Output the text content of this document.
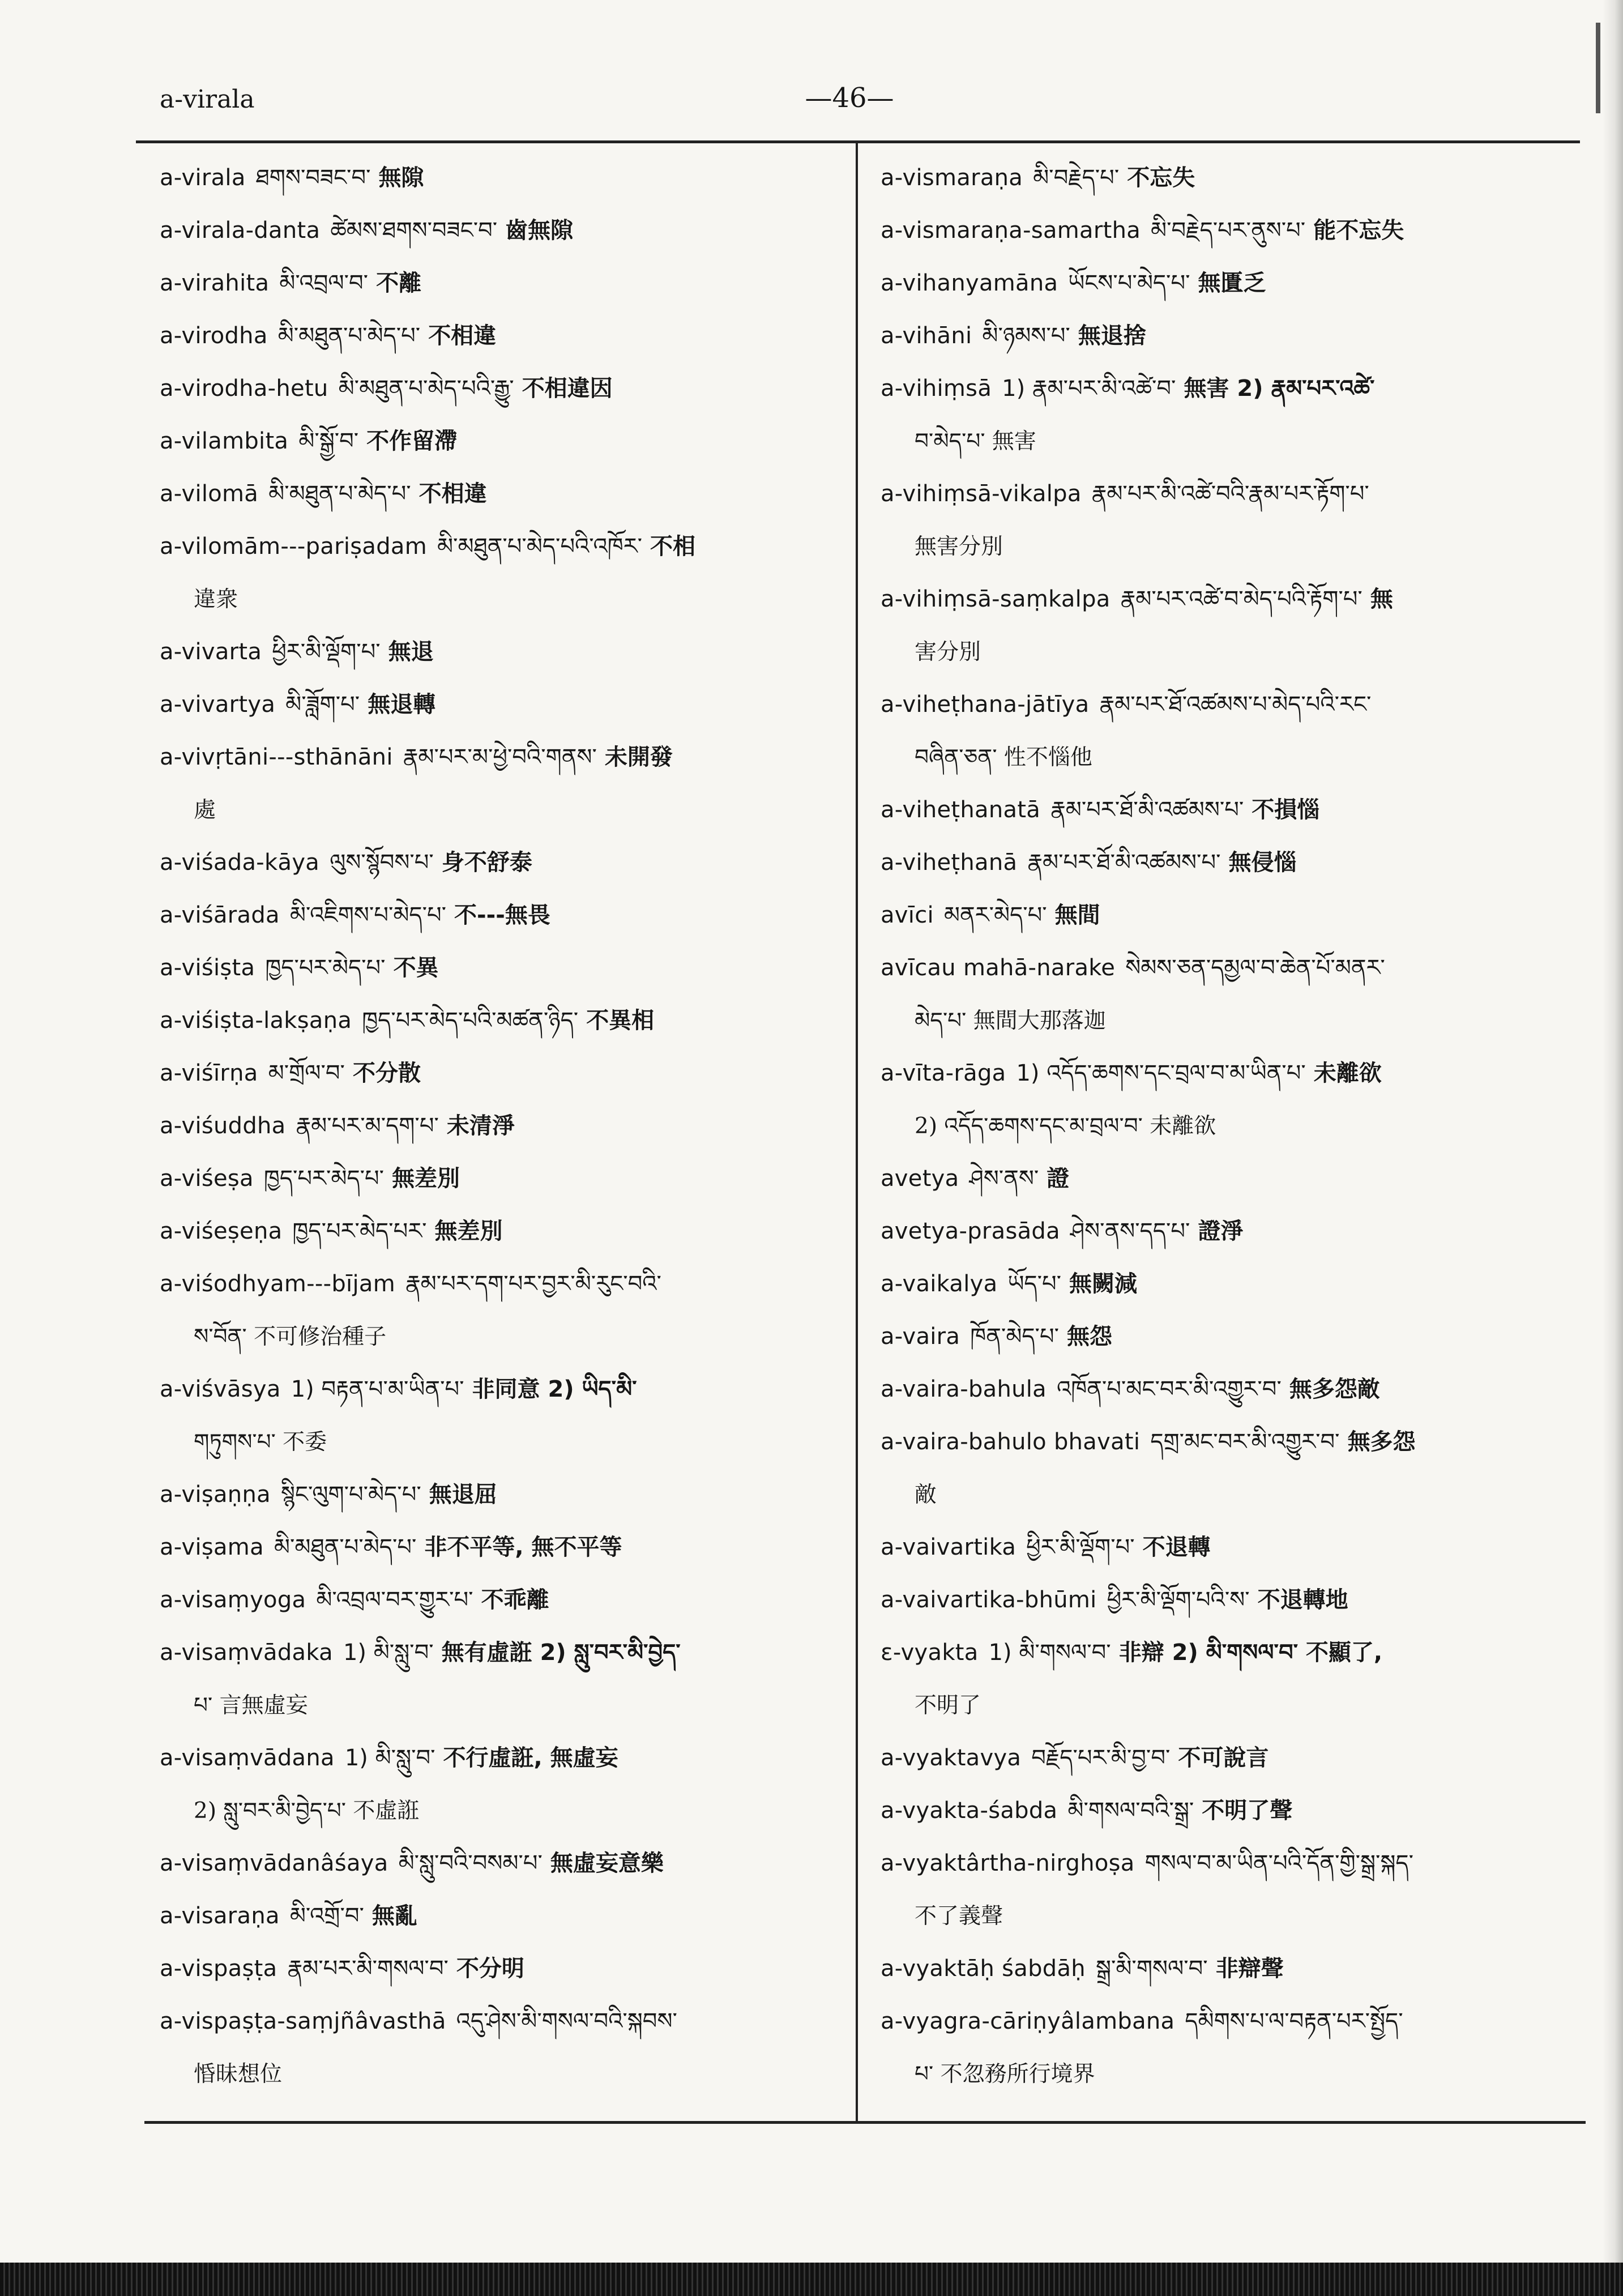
a-virala	—46—
a-virala ཐགས་བཟང་བ་ 無隙
a-virala-danta ཚེམས་ཐགས་བཟང་བ་ 齒無隙
a-virahita མི་འབྲལ་བ་ 不離
a-virodha མི་མཐུན་པ་མེད་པ་ 不相違
a-virodha-hetu མི་མཐུན་པ་མེད་པའི་རྒྱུ་ 不相違因
a-vilambita མི་སྒྱོ་བ་ 不作留滯
a-vilomā མི་མཐུན་པ་མེད་པ་ 不相違
a-vilomām---pariṣadam མི་མཐུན་པ་མེད་པའི་འཁོར་ 不相
違衆
a-vivarta ཕྱིར་མི་ལྡོག་པ་ 無退
a-vivartya མི་ཟློག་པ་ 無退轉
a-vivṛtāni---sthānāni རྣམ་པར་མ་ཕྱེ་བའི་གནས་ 未開發
處
a-viśada-kāya ལུས་སྙོབས་པ་ 身不舒泰
a-viśārada མི་འཇིགས་པ་མེད་པ་ 不---無畏
a-viśiṣta ཁྱད་པར་མེད་པ་ 不異
a-viśiṣta-lakṣaṇa ཁྱད་པར་མེད་པའི་མཚན་ཉིད་ 不異相
a-viśīrṇa མ་གྲོལ་བ་ 不分散
a-viśuddha རྣམ་པར་མ་དག་པ་ 未清淨
a-viśeṣa ཁྱད་པར་མེད་པ་ 無差別
a-viśeṣeṇa ཁྱད་པར་མེད་པར་ 無差別
a-viśodhyam---bījam རྣམ་པར་དག་པར་བྱར་མི་རུང་བའི་
ས་བོན་ 不可修治種子
a-viśvāsya 1) བརྟན་པ་མ་ཡིན་པ་ 非同意 2) ཡིད་མི་
གཏུགས་པ་ 不委
a-viṣaṇṇa སྙིང་ལུག་པ་མེད་པ་ 無退屈
a-viṣama མི་མཐུན་པ་མེད་པ་ 非不平等, 無不平等
a-visaṃyoga མི་འབྲལ་བར་གྱུར་པ་ 不乖離
a-visaṃvādaka 1) མི་སླུ་བ་ 無有虛誑 2) སླུ་བར་མི་བྱེད་
པ་ 言無虛妄
a-visaṃvādana 1) མི་སླུ་བ་ 不行虛誑, 無虛妄
2) སླུ་བར་མི་བྱེད་པ་ 不虛誑
a-visaṃvādanâśaya མི་སླུ་བའི་བསམ་པ་ 無虛妄意樂
a-visaraṇa མི་འགྲོ་བ་ 無亂
a-vispaṣṭa རྣམ་པར་མི་གསལ་བ་ 不分明
a-vispaṣṭa-saṃjñâvasthā འདུ་ཤེས་མི་གསལ་བའི་སྐབས་
惛昧想位
a-vismaraṇa མི་བརྗེད་པ་ 不忘失
a-vismaraṇa-samartha མི་བརྗེད་པར་ནུས་པ་ 能不忘失
a-vihanyamāna ཡོངས་པ་མེད་པ་ 無匱乏
a-vihāni མི་ཉམས་པ་ 無退捨
a-vihiṃsā 1) རྣམ་པར་མི་འཚེ་བ་ 無害 2) རྣམ་པར་འཚེ་
བ་མེད་པ་ 無害
a-vihiṃsā-vikalpa རྣམ་པར་མི་འཚེ་བའི་རྣམ་པར་རྟོག་པ་
無害分別
a-vihiṃsā-saṃkalpa རྣམ་པར་འཚེ་བ་མེད་པའི་རྟོག་པ་ 無
害分別
a-viheṭhana-jātīya རྣམ་པར་ཐོ་འཚམས་པ་མེད་པའི་རང་
བཞིན་ཅན་ 性不惱他
a-viheṭhanatā རྣམ་པར་ཐོ་མི་འཚམས་པ་ 不損惱
a-viheṭhanā རྣམ་པར་ཐོ་མི་འཚམས་པ་ 無侵惱
avīci མནར་མེད་པ་ 無間
avīcau mahā-narake སེམས་ཅན་དམྱལ་བ་ཆེན་པོ་མནར་
མེད་པ་ 無間大那落迦
a-vīta-rāga 1) འདོད་ཆགས་དང་བྲལ་བ་མ་ཡིན་པ་ 未離欲
2) འདོད་ཆགས་དང་མ་བྲལ་བ་ 未離欲
avetya ཤེས་ནས་ 證
avetya-prasāda ཤེས་ནས་དད་པ་ 證淨
a-vaikalya ཡོད་པ་ 無闕減
a-vaira ཁོན་མེད་པ་ 無怨
a-vaira-bahula འཁོན་པ་མང་བར་མི་འགྱུར་བ་ 無多怨敵
a-vaira-bahulo bhavati དགྲ་མང་བར་མི་འགྱུར་བ་ 無多怨
敵
a-vaivartika ཕྱིར་མི་ལྡོག་པ་ 不退轉
a-vaivartika-bhūmi ཕྱིར་མི་ལྡོག་པའི་ས་ 不退轉地
ɛ-vyakta 1) མི་གསལ་བ་ 非辯 2) མི་གསལ་བ་ 不顯了,
不明了
a-vyaktavya བརྗོད་པར་མི་བྱ་བ་ 不可說言
a-vyakta-śabda མི་གསལ་བའི་སྒྲ་ 不明了聲
a-vyaktârtha-nirghoṣa གསལ་བ་མ་ཡིན་པའི་དོན་གྱི་སྒྲ་སྐད་
不了義聲
a-vyaktāḥ śabdāḥ སྒྲ་མི་གསལ་བ་ 非辯聲
a-vyagra-cāriṇyâlambana དམིགས་པ་ལ་བརྟན་པར་སྤྱོད་
པ་ 不忽務所行境界
